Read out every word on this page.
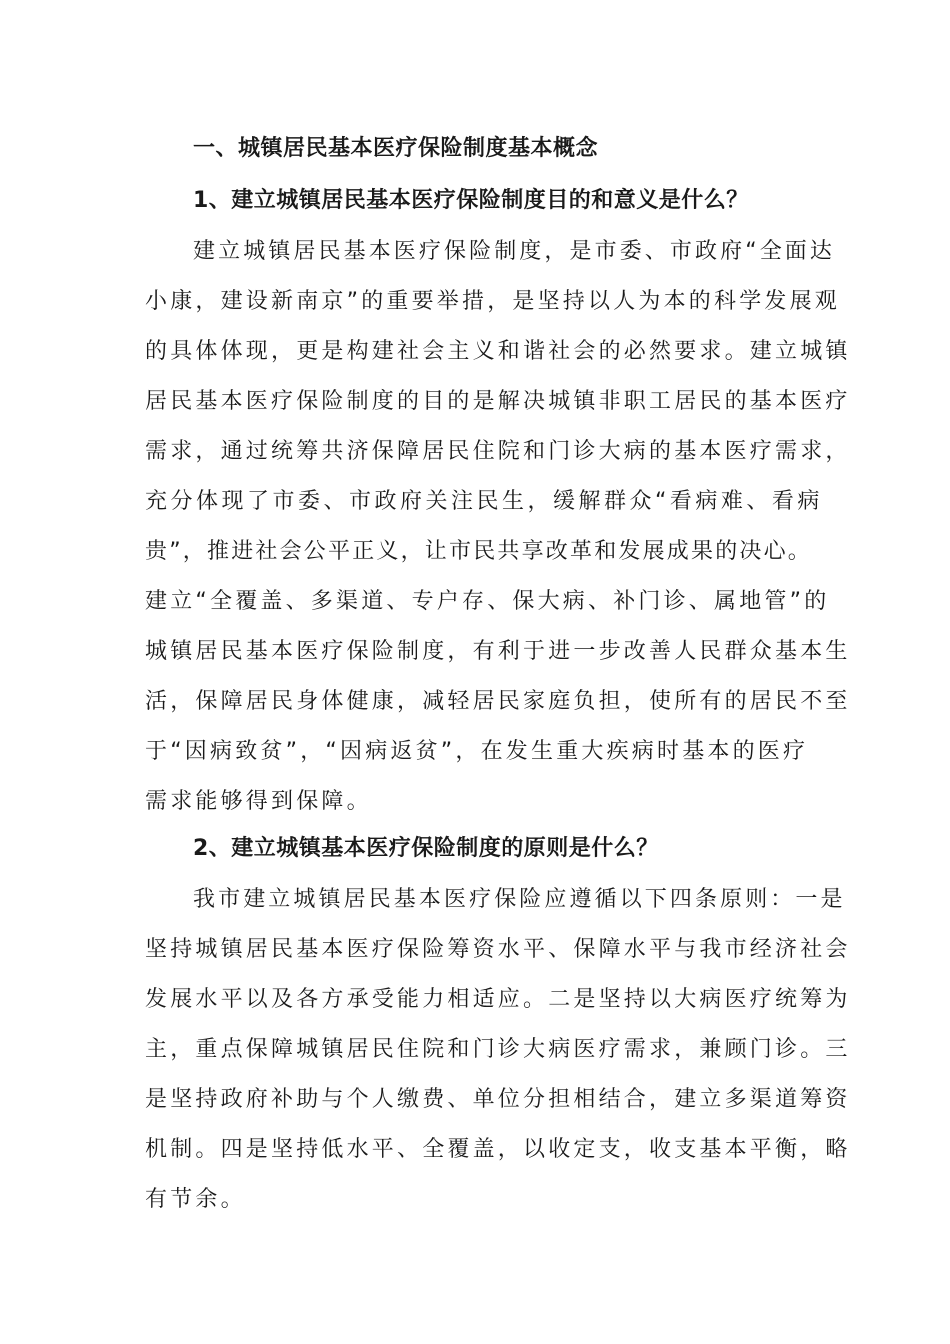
一、城镇居民基本医疗保险制度基本概念
1、建立城镇居民基本医疗保险制度目的和意义是什么？
建立城镇居民基本医疗保险制度，是市委、市政府“全面达
小康，建设新南京”的重要举措，是坚持以人为本的科学发展观
的具体体现，更是构建社会主义和谐社会的必然要求。建立城镇
居民基本医疗保险制度的目的是解决城镇非职工居民的基本医疗
需求，通过统筹共济保障居民住院和门诊大病的基本医疗需求，
充分体现了市委、市政府关注民生，缓解群众“看病难、看病
贵”，推进社会公平正义，让市民共享改革和发展成果的决心。
建立“全覆盖、多渠道、专户存、保大病、补门诊、属地管”的
城镇居民基本医疗保险制度，有利于进一步改善人民群众基本生
活，保障居民身体健康，减轻居民家庭负担，使所有的居民不至
于“因病致贫”，“因病返贫”，在发生重大疾病时基本的医疗
需求能够得到保障。
2、建立城镇基本医疗保险制度的原则是什么？
我市建立城镇居民基本医疗保险应遵循以下四条原则：一是
坚持城镇居民基本医疗保险筹资水平、保障水平与我市经济社会
发展水平以及各方承受能力相适应。二是坚持以大病医疗统筹为
主，重点保障城镇居民住院和门诊大病医疗需求，兼顾门诊。三
是坚持政府补助与个人缴费、单位分担相结合，建立多渠道筹资
机制。四是坚持低水平、全覆盖，以收定支，收支基本平衡，略
有节余。
